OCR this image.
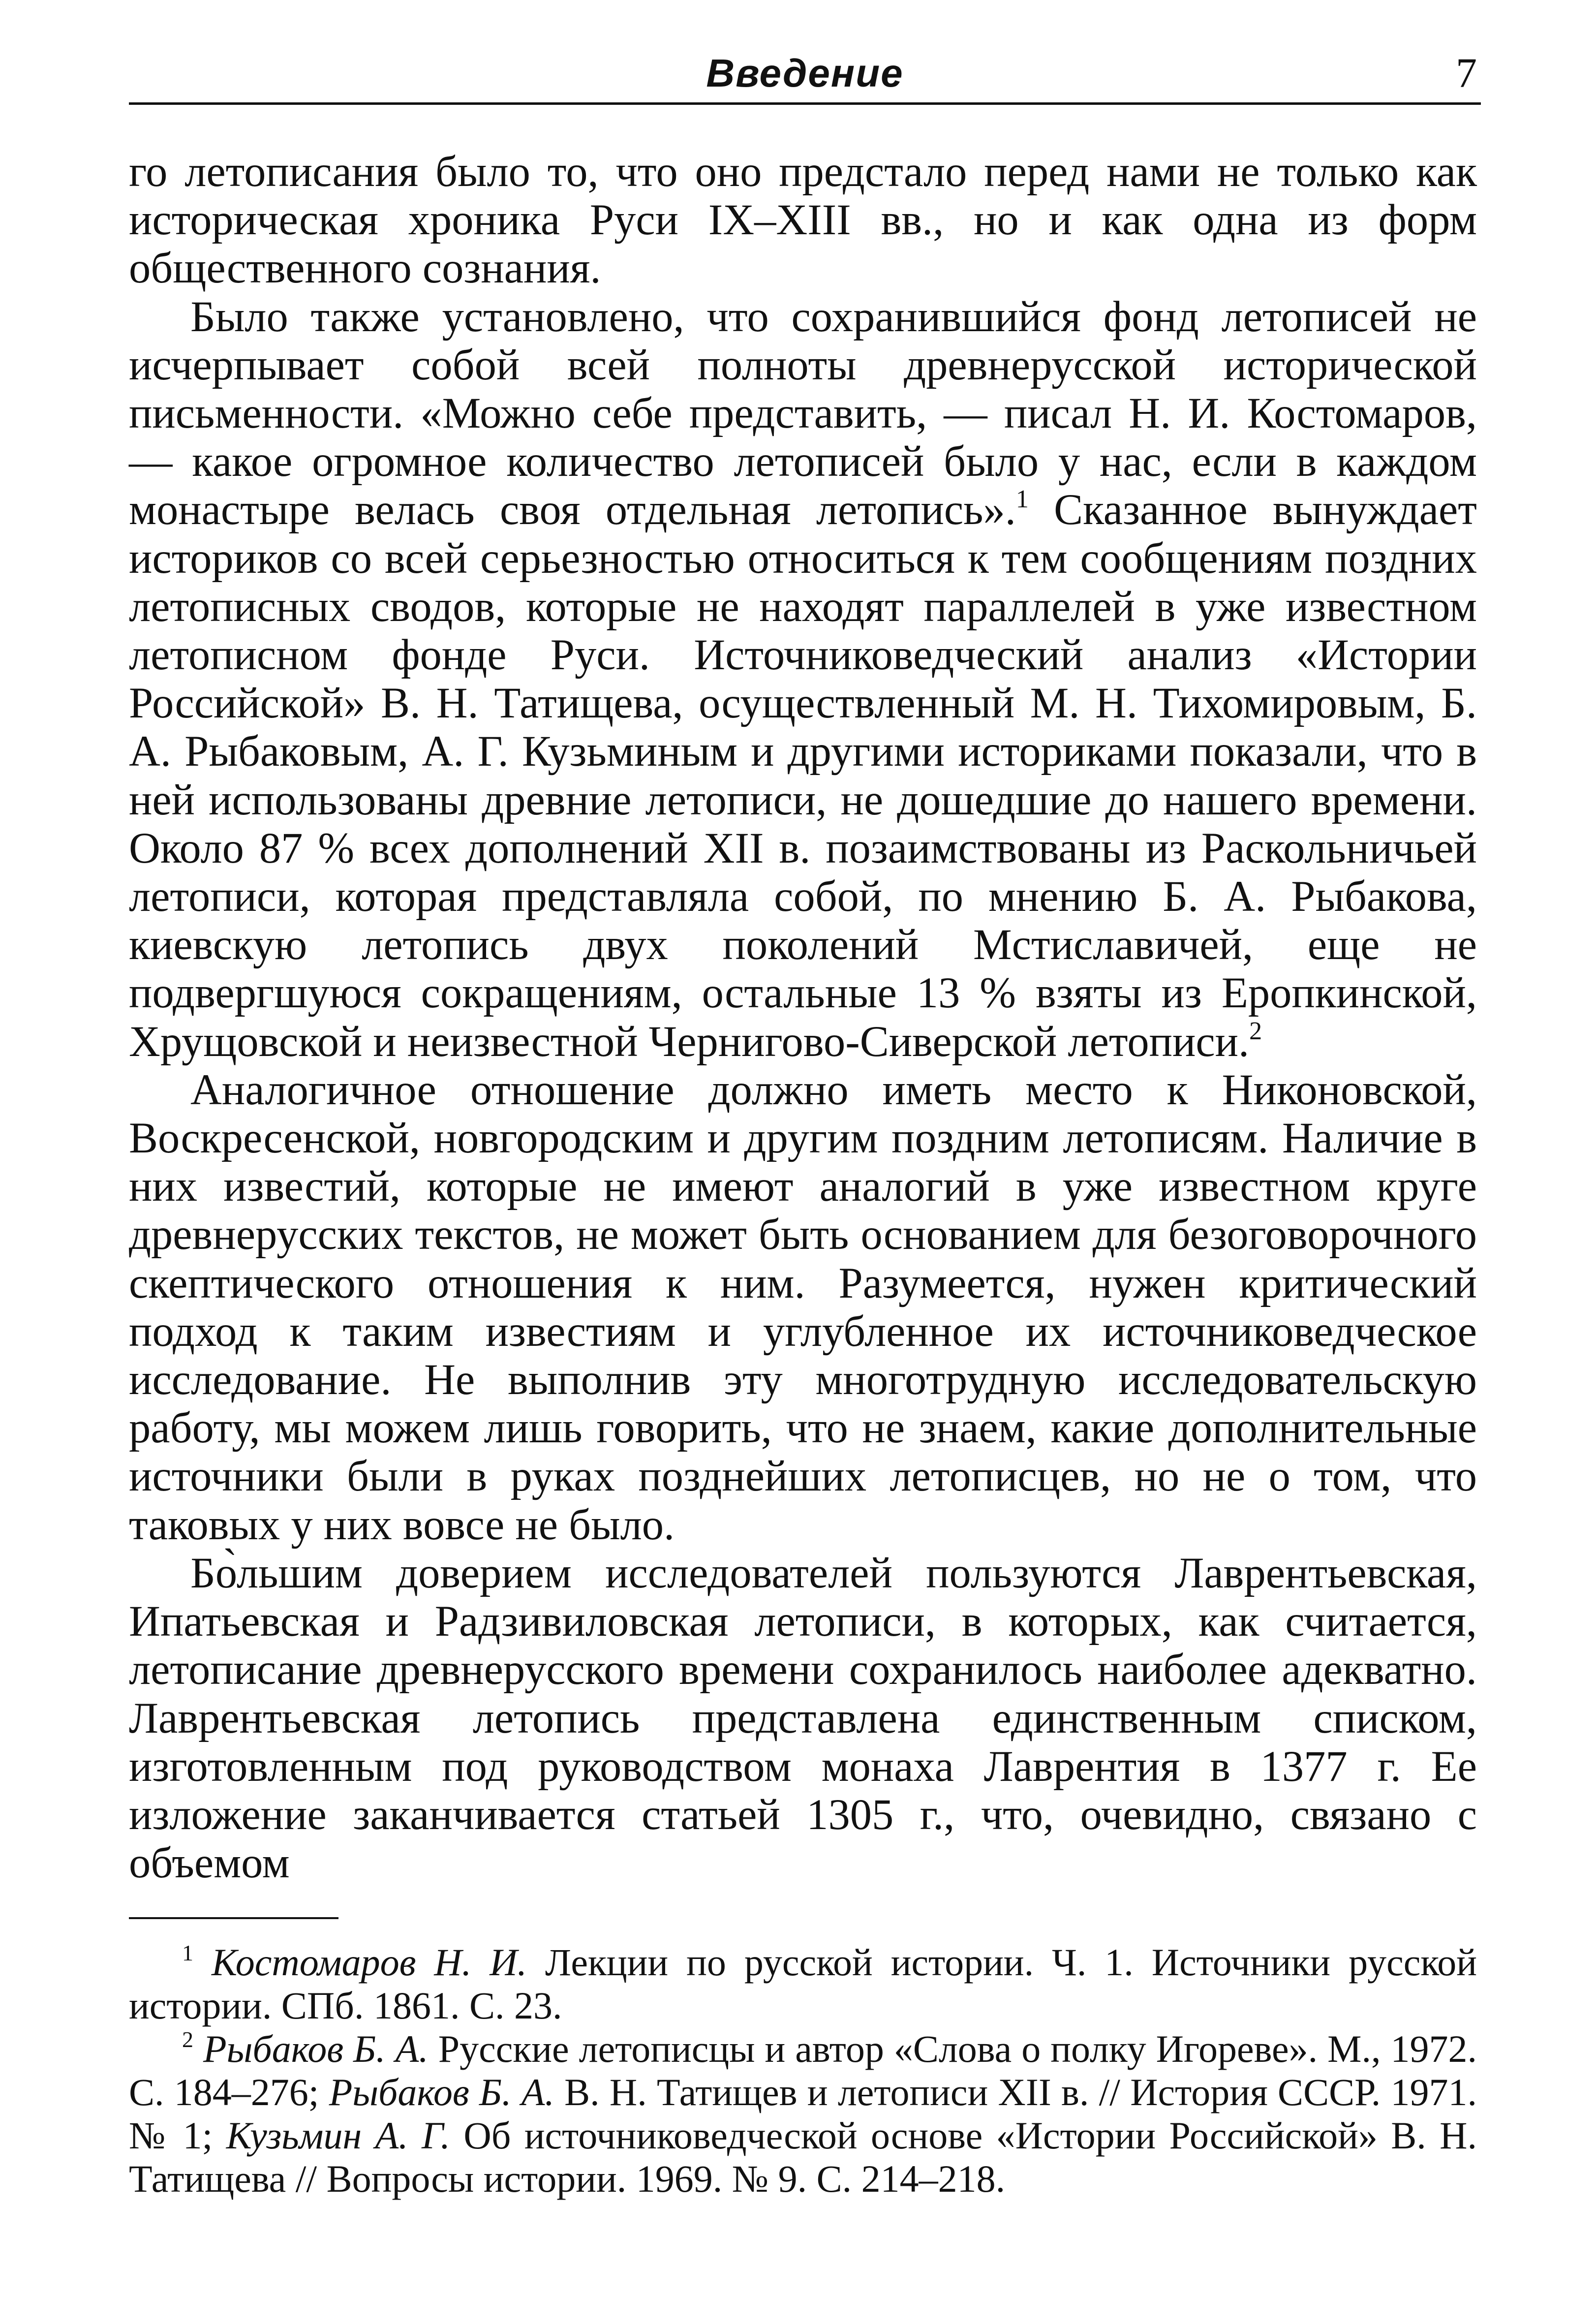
Введение	7

го летописания было то, что оно предстало перед нами не только как историческая хроника Руси IX–XIII вв., но и как одна из форм общественного сознания.

Было также установлено, что сохранившийся фонд летописей не исчерпывает собой всей полноты древнерусской исторической письменности. «Можно себе представить, — писал Н. И. Костомаров, — какое огромное количество летописей было у нас, если в каждом монастыре велась своя отдельная летопись».$^1$ Сказанное вынуждает историков со всей серьезностью относиться к тем сообщениям поздних летописных сводов, которые не находят параллелей в уже известном летописном фонде Руси. Источниковедческий анализ «Истории Российской» В. Н. Татищева, осуществленный М. Н. Тихомировым, Б. А. Рыбаковым, А. Г. Кузьминым и другими историками показали, что в ней использованы древние летописи, не дошедшие до нашего времени. Около 87 % всех дополнений XII в. позаимствованы из Раскольничьей летописи, которая представляла собой, по мнению Б. А. Рыбакова, киевскую летопись двух поколений Мстиславичей, еще не подвергшуюся сокращениям, остальные 13 % взяты из Еропкинской, Хрущовской и неизвестной Чернигово-Сиверской летописи.$^2$

Аналогичное отношение должно иметь место к Никоновской, Воскресенской, новгородским и другим поздним летописям. Наличие в них известий, которые не имеют аналогий в уже известном круге древнерусских текстов, не может быть основанием для безоговорочного скептического отношения к ним. Разумеется, нужен критический подход к таким известиям и углубленное их источниковедческое исследование. Не выполнив эту многотрудную исследовательскую работу, мы можем лишь говорить, что не знаем, какие дополнительные источники были в руках позднейших летописцев, но не о том, что таковых у них вовсе не было.

Бо̀льшим доверием исследователей пользуются Лаврентьевская, Ипатьевская и Радзивиловская летописи, в которых, как считается, летописание древнерусского времени сохранилось наиболее адекватно. Лаврентьевская летопись представлена единственным списком, изготовленным под руководством монаха Лаврентия в 1377 г. Ее изложение заканчивается статьей 1305 г., что, очевидно, связано с объемом

$^1$ Костомаров Н. И. Лекции по русской истории. Ч. 1. Источники русской истории. СПб. 1861. С. 23.

$^2$ Рыбаков Б. А. Русские летописцы и автор «Слова о полку Игореве». М., 1972. С. 184–276; Рыбаков Б. А. В. Н. Татищев и летописи XII в. // История СССР. 1971. № 1; Кузьмин А. Г. Об источниковедческой основе «Истории Российской» В. Н. Татищева // Вопросы истории. 1969. № 9. С. 214–218.
